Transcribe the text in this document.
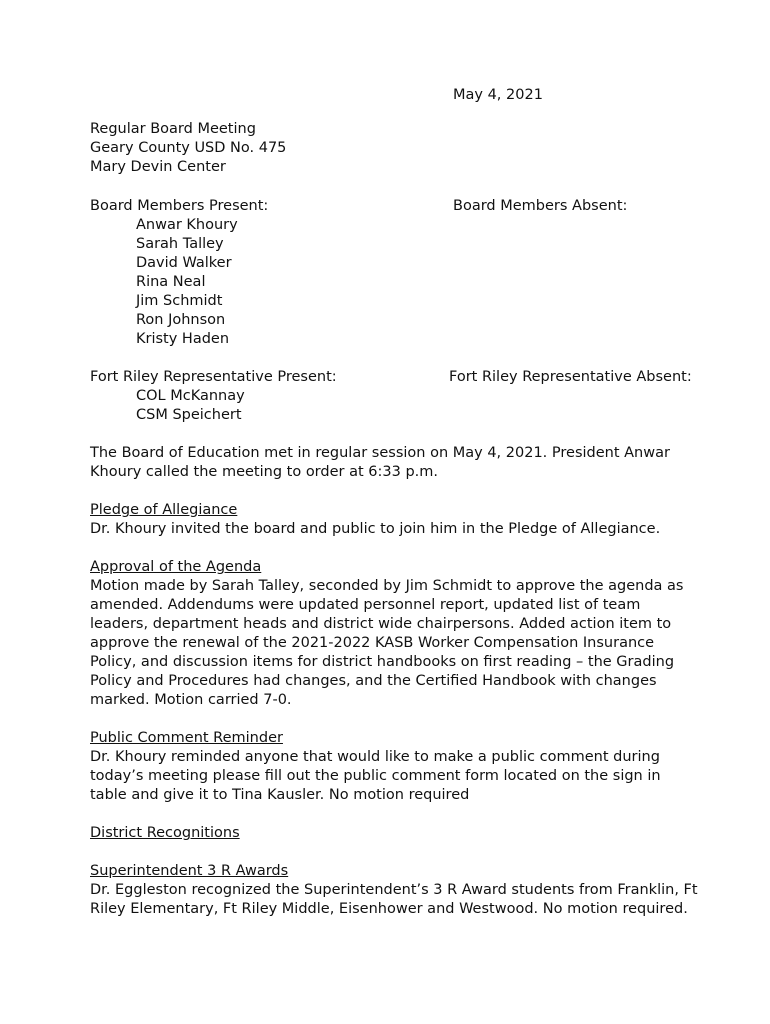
May 4, 2021
Regular Board Meeting
Geary County USD No. 475
Mary Devin Center
Board Members Present:
Anwar Khoury
Sarah Talley
David Walker
Rina Neal
Jim Schmidt
Ron Johnson
Kristy Haden
Board Members Absent:
Fort Riley Representative Present:
COL McKannay
CSM Speichert
Fort Riley Representative Absent:

The Board of Education met in regular session on May 4, 2021. President Anwar Khoury called the meeting to order at 6:33 p.m.

Pledge of Allegiance

Dr. Khoury invited the board and public to join him in the Pledge of Allegiance.

Approval of the Agenda

Motion made by Sarah Talley, seconded by Jim Schmidt to approve the agenda as amended. Addendums were updated personnel report, updated list of team leaders, department heads and district wide chairpersons. Added action item to approve the renewal of the 2021-2022 KASB Worker Compensation Insurance Policy, and discussion items for district handbooks on first reading – the Grading Policy and Procedures had changes, and the Certified Handbook with changes marked. Motion carried 7-0.

Public Comment Reminder

Dr. Khoury reminded anyone that would like to make a public comment during today’s meeting please fill out the public comment form located on the sign in table and give it to Tina Kausler. No motion required

District Recognitions

Superintendent 3 R Awards

Dr. Eggleston recognized the Superintendent’s 3 R Award students from Franklin, Ft Riley Elementary, Ft Riley Middle, Eisenhower and Westwood. No motion required.
